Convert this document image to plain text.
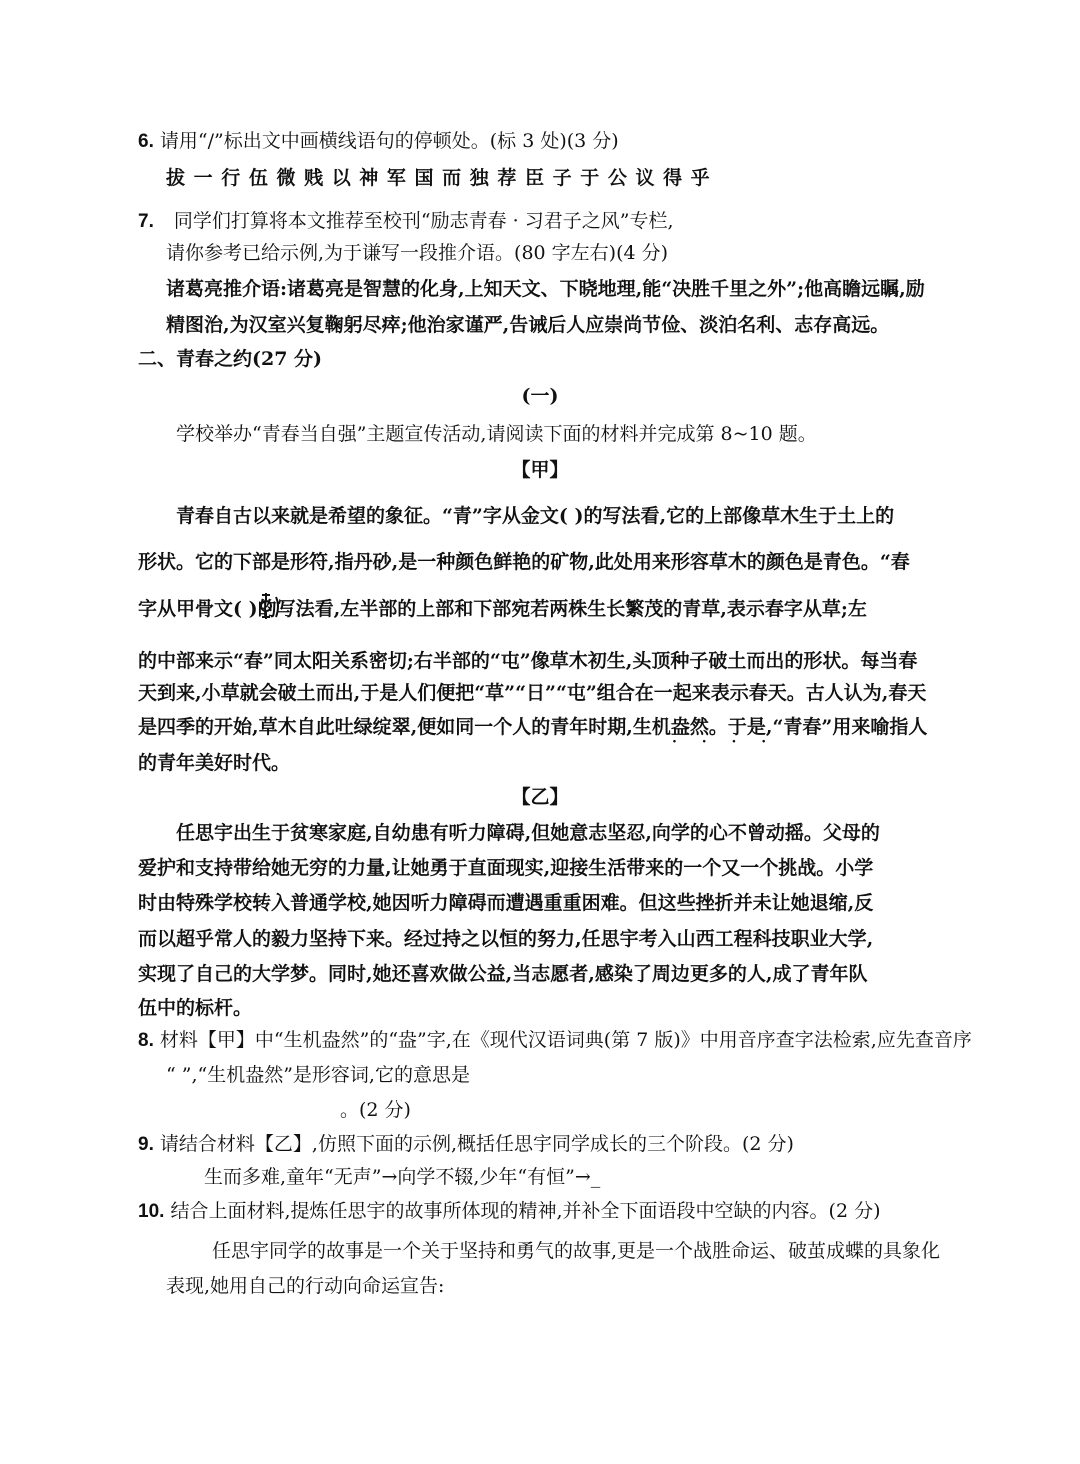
6. 请用“/”标出文中画横线语句的停顿处。(标 3 处)(3 分)
拔 一 行 伍 微 贱 以 神 军 国 而 独 荐 臣 子 于 公 议 得 乎
7. 同学们打算将本文推荐至校刊“励志青春 · 习君子之风”专栏,
请你参考已给示例,为于谦写一段推介语。(80 字左右)(4 分)
诸葛亮推介语:诸葛亮是智慧的化身,上知天文、下晓地理,能“决胜千里之外”;他高瞻远瞩,励
精图治,为汉室兴复鞠躬尽瘁;他治家谨严,告诫后人应崇尚节俭、淡泊名利、志存高远。
二、青春之约(27 分)
(一)
学校举办“青春当自强”主题宣传活动,请阅读下面的材料并完成第 8~10 题。
【甲】
青春自古以来就是希望的象征。“青”字从金文( )的写法看,它的上部像草木生于土上的
形状。它的下部是形符,指丹砂,是一种颜色鲜艳的矿物,此处用来形容草木的颜色是青色。“春
字从甲骨文( )的写法看,左半部的上部和下部宛若两株生长繁茂的青草,表示春字从草;左
的中部来示“春”同太阳关系密切;右半部的“屯”像草木初生,头顶种子破土而出的形状。每当春
天到来,小草就会破土而出,于是人们便把“草”“日”“屯”组合在一起来表示春天。古人认为,春天
是四季的开始,草木自此吐绿绽翠,便如同一个人的青年时期,生机盎然。于是,“青春”用来喻指人
· · · ·
的青年美好时代。
【乙】
任思宇出生于贫寒家庭,自幼患有听力障碍,但她意志坚忍,向学的心不曾动摇。父母的
爱护和支持带给她无穷的力量,让她勇于直面现实,迎接生活带来的一个又一个挑战。小学
时由特殊学校转入普通学校,她因听力障碍而遭遇重重困难。但这些挫折并未让她退缩,反
而以超乎常人的毅力坚持下来。经过持之以恒的努力,任思宇考入山西工程科技职业大学,
实现了自己的大学梦。同时,她还喜欢做公益,当志愿者,感染了周边更多的人,成了青年队
伍中的标杆。
8. 材料【甲】中“生机盎然”的“盎”字,在《现代汉语词典(第 7 版)》中用音序查字法检索,应先查音序
“ ”,“生机盎然”是形容词,它的意思是
。(2 分)
9. 请结合材料【乙】,仿照下面的示例,概括任思宇同学成长的三个阶段。(2 分)
生而多难,童年“无声”→向学不辍,少年“有恒”→_
10. 结合上面材料,提炼任思宇的故事所体现的精神,并补全下面语段中空缺的内容。(2 分)
任思宇同学的故事是一个关于坚持和勇气的故事,更是一个战胜命运、破茧成蝶的具象化
表现,她用自己的行动向命运宣告:
